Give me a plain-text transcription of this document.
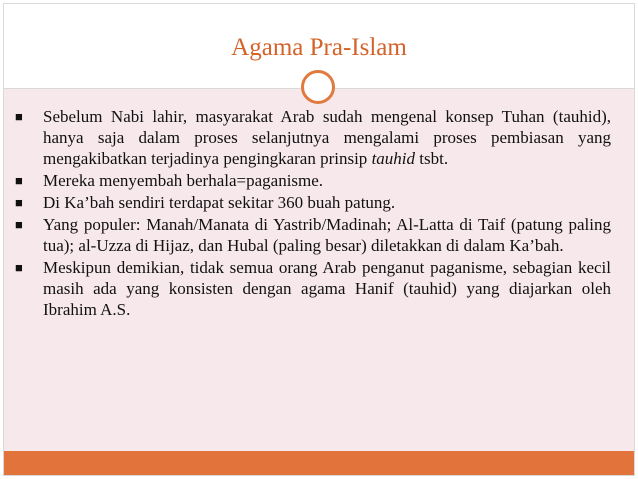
Agama Pra-Islam
■ Sebelum Nabi lahir, masyarakat Arab sudah mengenal konsep Tuhan (tauhid), hanya saja dalam proses selanjutnya mengalami proses pembiasan yang mengakibatkan terjadinya pengingkaran prinsip tauhid tsbt.
■ Mereka menyembah berhala=paganisme.
■ Di Ka’bah sendiri terdapat sekitar 360 buah patung.
■ Yang populer: Manah/Manata di Yastrib/Madinah; Al-Latta di Taif (patung paling tua); al-Uzza di Hijaz, dan Hubal (paling besar) diletakkan di dalam Ka’bah.
■ Meskipun demikian, tidak semua orang Arab penganut paganisme, sebagian kecil masih ada yang konsisten dengan agama Hanif (tauhid) yang diajarkan oleh Ibrahim A.S.
